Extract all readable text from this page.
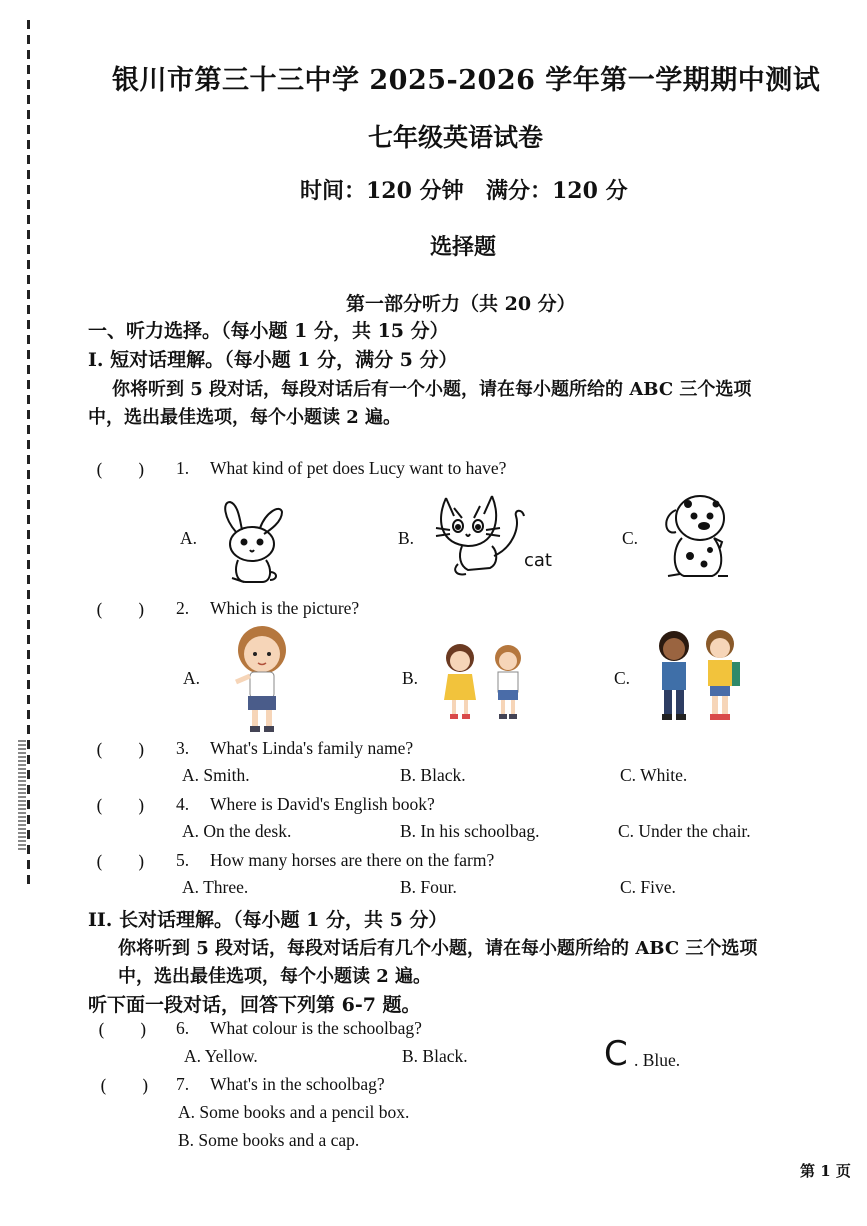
银川市第三十三中学 2025-2026 学年第一学期期中测试
七年级英语试卷
时间：120 分钟 满分：120 分
选择题
第一部分听力（共 20 分）
一、听力选择。（每小题 1 分，共 15 分）
I. 短对话理解。（每小题 1 分，满分 5 分）
你将听到 5 段对话，每段对话后有一个小题，请在每小题所给的 ABC 三个选项
中，选出最佳选项，每个小题读 2 遍。
(　　) 1. What kind of pet does Lucy want to have?
A.	B.	C.
cat
(　　) 2. Which is the picture?
A.	B.	C.
(　　) 3. What's Linda's family name?
A. Smith.	B. Black.	C. White.
(　　) 4. Where is David's English book?
A. On the desk.	B. In his schoolbag.	C. Under the chair.
(　　) 5. How many horses are there on the farm?
A. Three.	B. Four.	C. Five.
II. 长对话理解。（每小题 1 分，共 5 分）
你将听到 5 段对话，每段对话后有几个小题，请在每小题所给的 ABC 三个选项
中，选出最佳选项，每个小题读 2 遍。
听下面一段对话，回答下列第 6-7 题。
(　　) 6. What colour is the schoolbag?
A. Yellow.	B. Black.	C . Blue.
(　　) 7. What's in the schoolbag?
A. Some books and a pencil box.
B. Some books and a cap.
第 1 页
